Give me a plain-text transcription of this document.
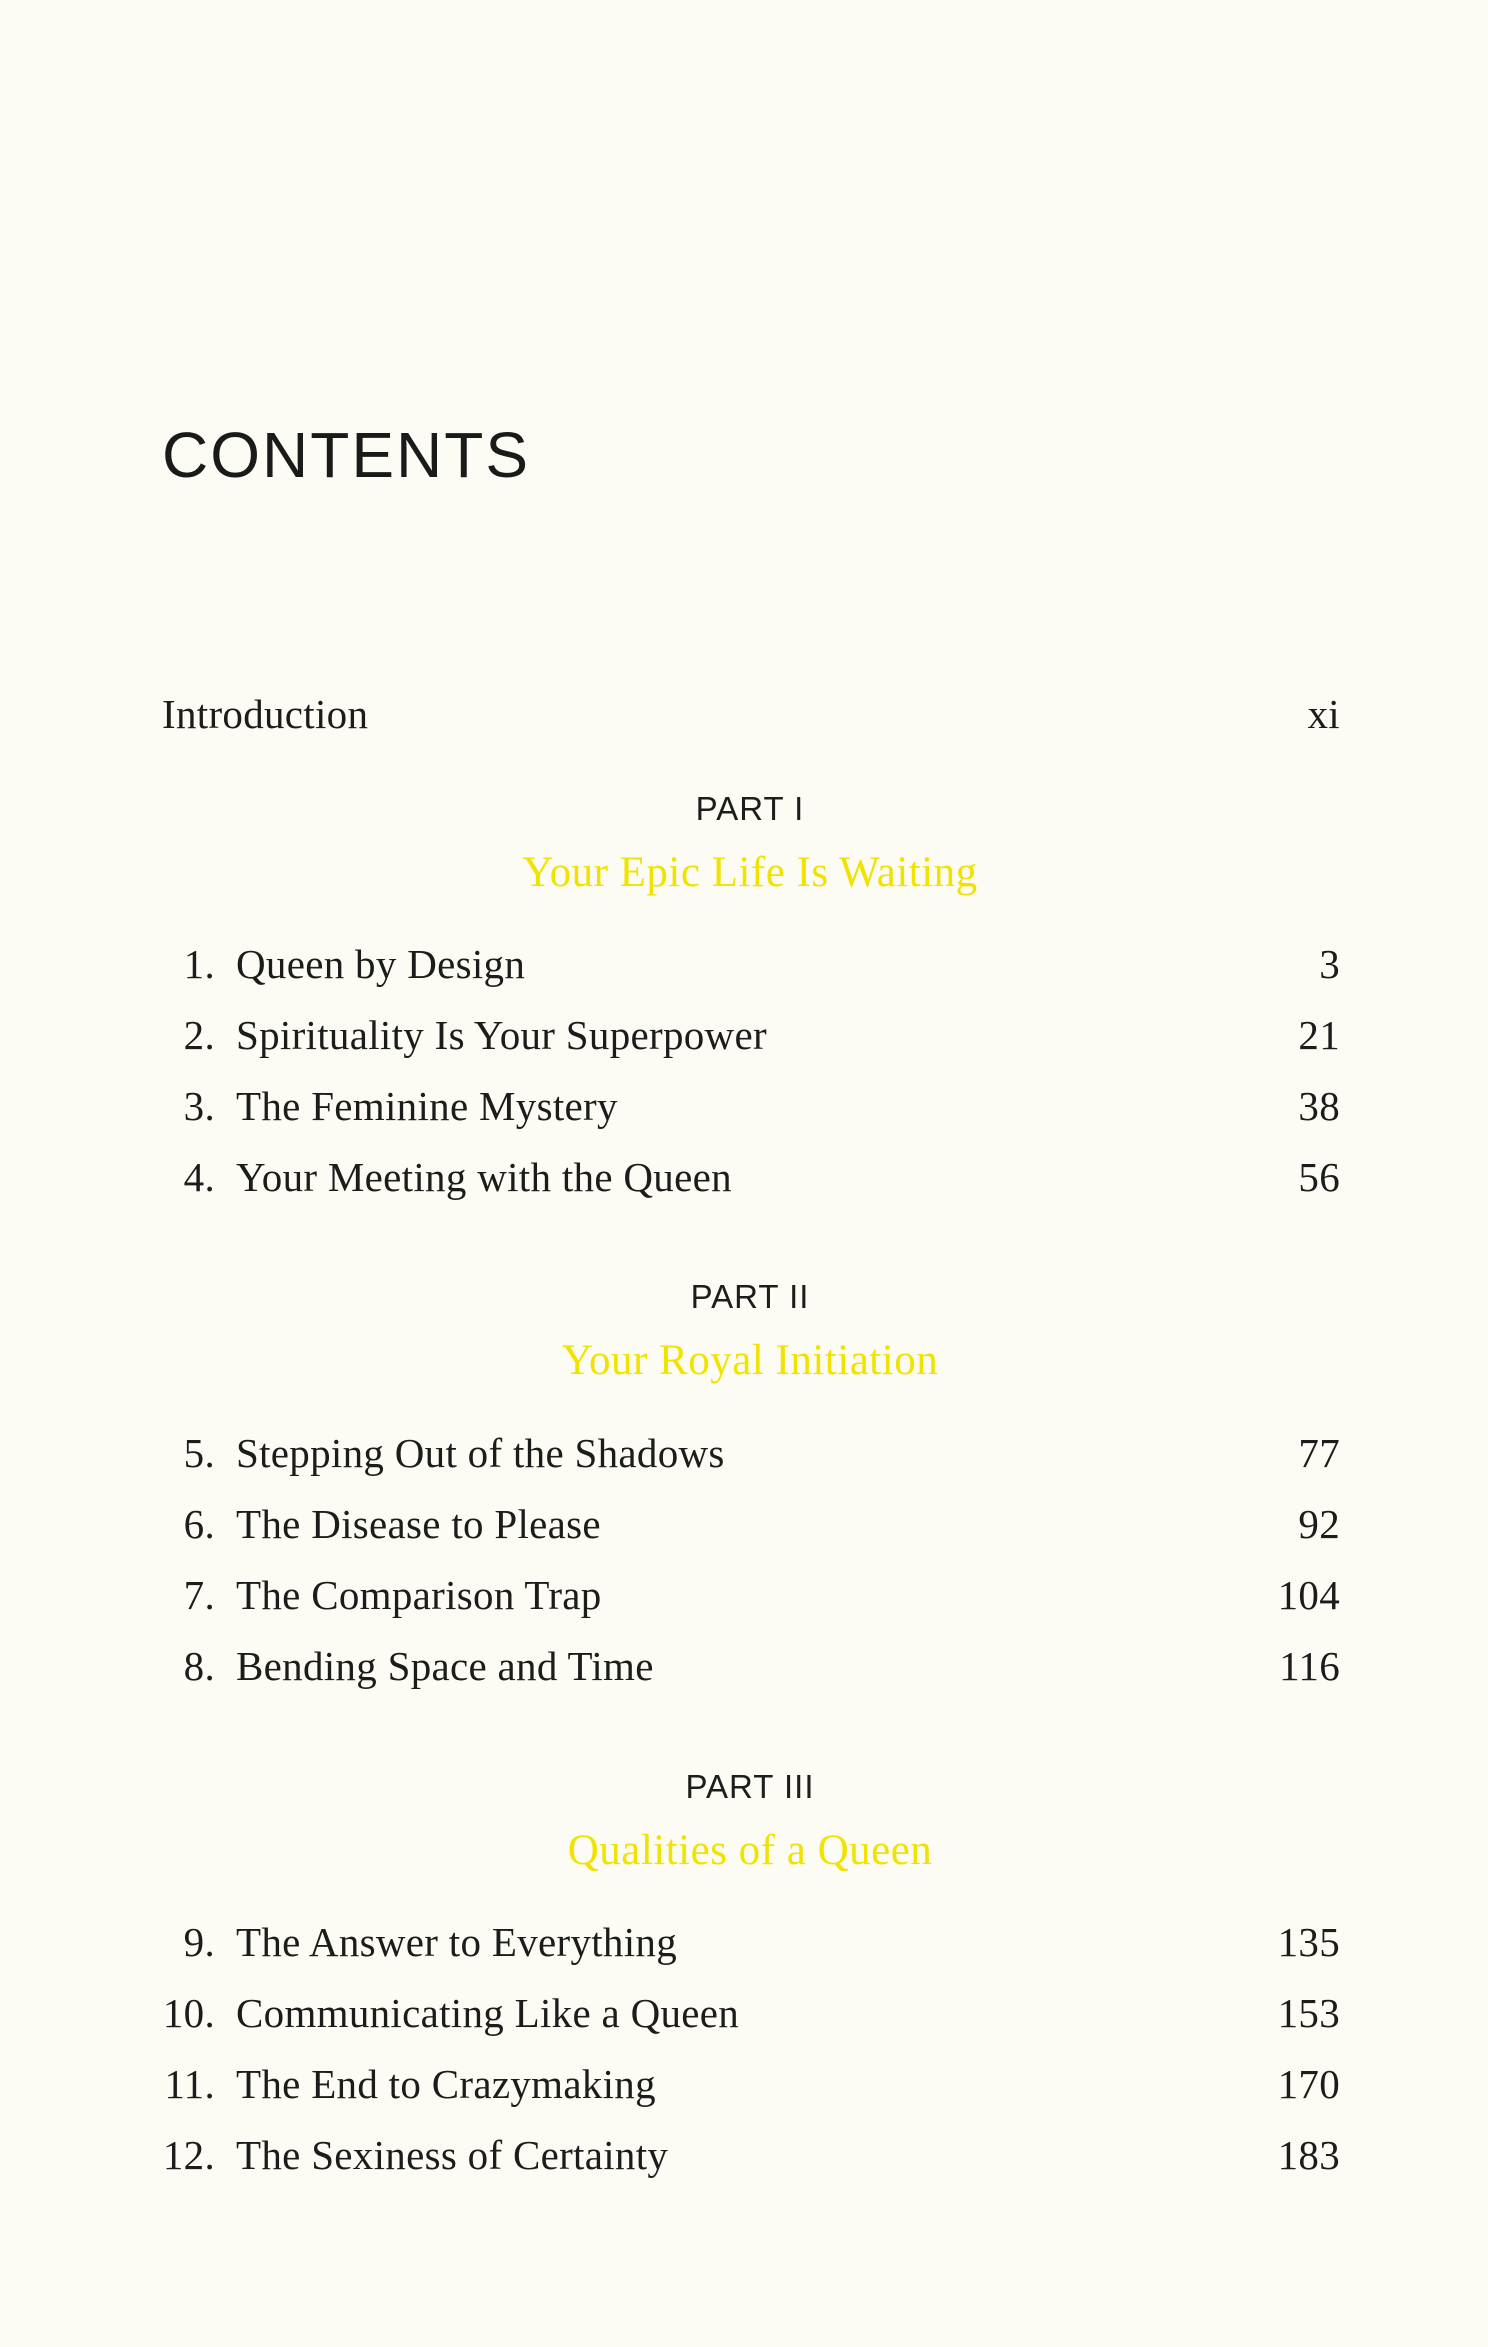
CONTENTS
Introduction	xi
PART I
Your Epic Life Is Waiting
1. Queen by Design	3
2. Spirituality Is Your Superpower	21
3. The Feminine Mystery	38
4. Your Meeting with the Queen	56
PART II
Your Royal Initiation
5. Stepping Out of the Shadows	77
6. The Disease to Please	92
7. The Comparison Trap	104
8. Bending Space and Time	116
PART III
Qualities of a Queen
9. The Answer to Everything	135
10. Communicating Like a Queen	153
11. The End to Crazymaking	170
12. The Sexiness of Certainty	183
